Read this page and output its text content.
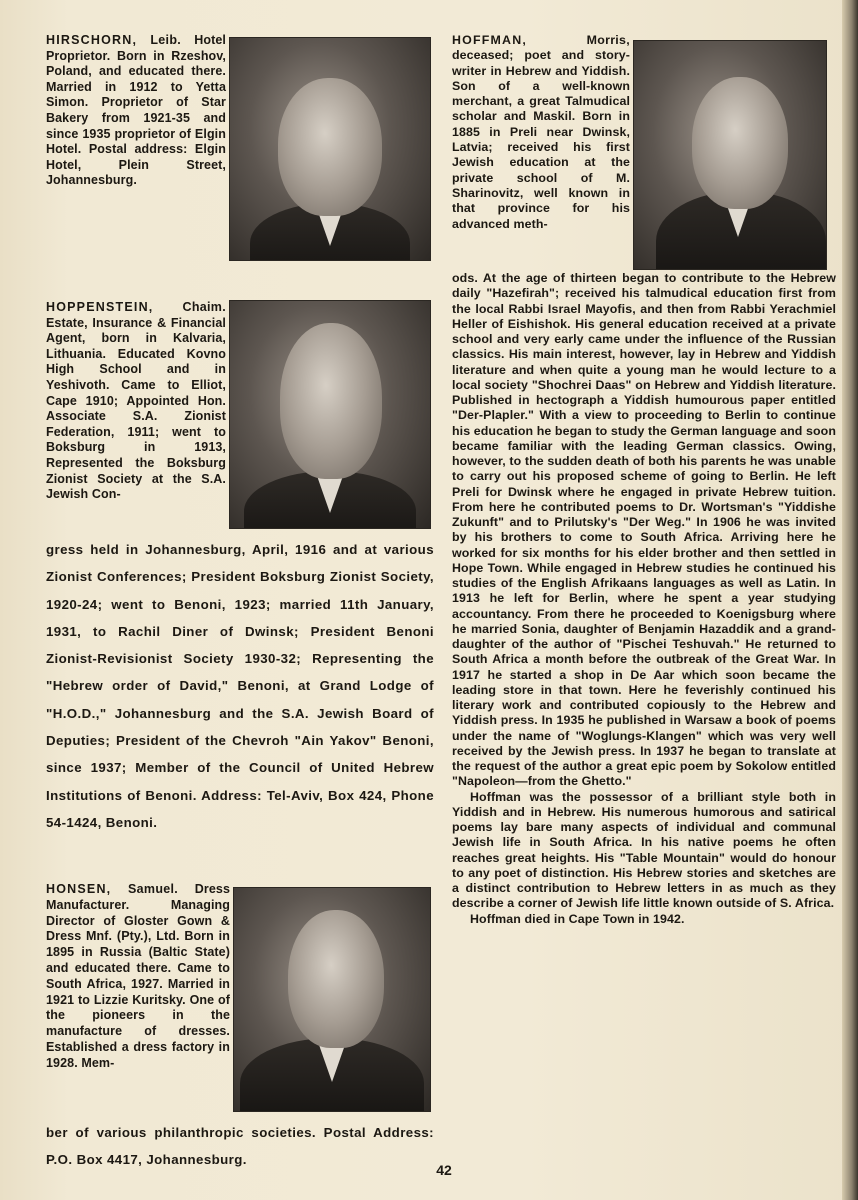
HIRSCHORN, Leib. Hotel Proprietor. Born in Rzeshov, Poland, and educated there. Married in 1912 to Yetta Simon. Proprietor of Star Bakery from 1921-35 and since 1935 proprietor of Elgin Hotel. Postal address: Elgin Hotel, Plein Street, Johannesburg.
HOPPENSTEIN, Chaim. Estate, Insurance & Financial Agent, born in Kalvaria, Lithuania. Educated Kovno High School and in Yeshivoth. Came to Elliot, Cape 1910; Appointed Hon. Associate S.A. Zionist Federation, 1911; went to Boksburg in 1913, Represented the Boksburg Zionist Society at the S.A. Jewish Con-
gress held in Johannesburg, April, 1916 and at various Zionist Conferences; President Boksburg Zionist Society, 1920-24; went to Benoni, 1923; married 11th January, 1931, to Rachil Diner of Dwinsk; President Benoni Zionist-Revisionist Society 1930-32; Representing the "Hebrew order of David," Benoni, at Grand Lodge of "H.O.D.," Johannesburg and the S.A. Jewish Board of Deputies; President of the Chevroh "Ain Yakov" Benoni, since 1937; Member of the Council of United Hebrew Institutions of Benoni. Address: Tel-Aviv, Box 424, Phone 54-1424, Benoni.
HONSEN, Samuel. Dress Manufacturer. Managing Director of Gloster Gown & Dress Mnf. (Pty.), Ltd. Born in 1895 in Russia (Baltic State) and educated there. Came to South Africa, 1927. Married in 1921 to Lizzie Kuritsky. One of the pioneers in the manufacture of dresses. Established a dress factory in 1928. Mem-
ber of various philanthropic societies. Postal Address: P.O. Box 4417, Johannesburg.
HOFFMAN,	Morris, deceased; poet and story-writer in Hebrew and Yiddish. Son of a well-known merchant, a great Talmudical scholar and Maskil. Born in 1885 in Preli near Dwinsk, Latvia; received his first Jewish education at the private school of M. Sharinovitz, well known in that province for his advanced meth-

ods. At the age of thirteen began to contribute to the Hebrew daily "Hazefirah"; received his talmudical education first from the local Rabbi Israel Mayofis, and then from Rabbi Yerachmiel Heller of Eishishok. His general education received at a private school and very early came under the influence of the Russian classics. His main interest, however, lay in Hebrew and Yiddish literature and when quite a young man he would lecture to a local society "Shochrei Daas" on Hebrew and Yiddish literature. Published in hectograph a Yiddish humourous paper entitled "Der-Plapler." With a view to proceeding to Berlin to continue his education he began to study the German language and soon became familiar with the leading German classics. Owing, however, to the sudden death of both his parents he was unable to carry out his proposed scheme of going to Berlin. He left Preli for Dwinsk where he engaged in private Hebrew tuition. From here he contributed poems to Dr. Wortsman's "Yiddishe Zukunft" and to Prilutsky's "Der Weg." In 1906 he was invited by his brothers to come to South Africa. Arriving here he worked for six months for his elder brother and then settled in Hope Town. While engaged in Hebrew studies he continued his studies of the English Afrikaans languages as well as Latin. In 1913 he left for Berlin, where he spent a year studying accountancy. From there he proceeded to Koenigsburg where he married Sonia, daughter of Benjamin Hazaddik and a grand-daughter of the author of "Pischei Teshuvah." He returned to South Africa a month before the outbreak of the Great War. In 1917 he started a shop in De Aar which soon became the leading store in that town. Here he feverishly continued his literary work and contributed copiously to the Hebrew and Yiddish press. In 1935 he published in Warsaw a book of poems under the name of "Woglungs-Klangen" which was very well received by the Jewish press. In 1937 he began to translate at the request of the author a great epic poem by Sokolow entitled "Napoleon—from the Ghetto."

Hoffman was the possessor of a brilliant style both in Yiddish and in Hebrew. His numerous humorous and satirical poems lay bare many aspects of individual and communal Jewish life in South Africa. In his native poems he often reaches great heights. His "Table Mountain" would do honour to any poet of distinction. His Hebrew stories and sketches are a distinct contribution to Hebrew letters in as much as they describe a corner of Jewish life little known outside of S. Africa.

Hoffman died in Cape Town in 1942.

42
